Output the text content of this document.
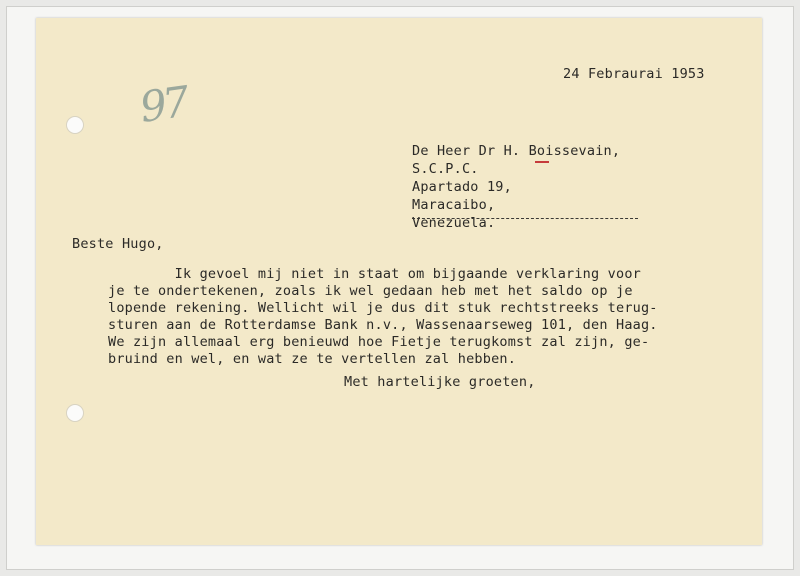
97
24 Febraurai 1953
De Heer Dr H. Boissevain,
S.C.P.C.
Apartado 19,
Maracaibo,
Venezuela.
Beste Hugo,
Ik gevoel mij niet in staat om bijgaande verklaring voor
je te ondertekenen, zoals ik wel gedaan heb met het saldo op je
lopende rekening. Wellicht wil je dus dit stuk rechtstreeks terug-
sturen aan de Rotterdamse Bank n.v., Wassenaarseweg 101, den Haag.
We zijn allemaal erg benieuwd hoe Fietje terugkomst zal zijn, ge-
bruind en wel, en wat ze te vertellen zal hebben.
Met hartelijke groeten,
